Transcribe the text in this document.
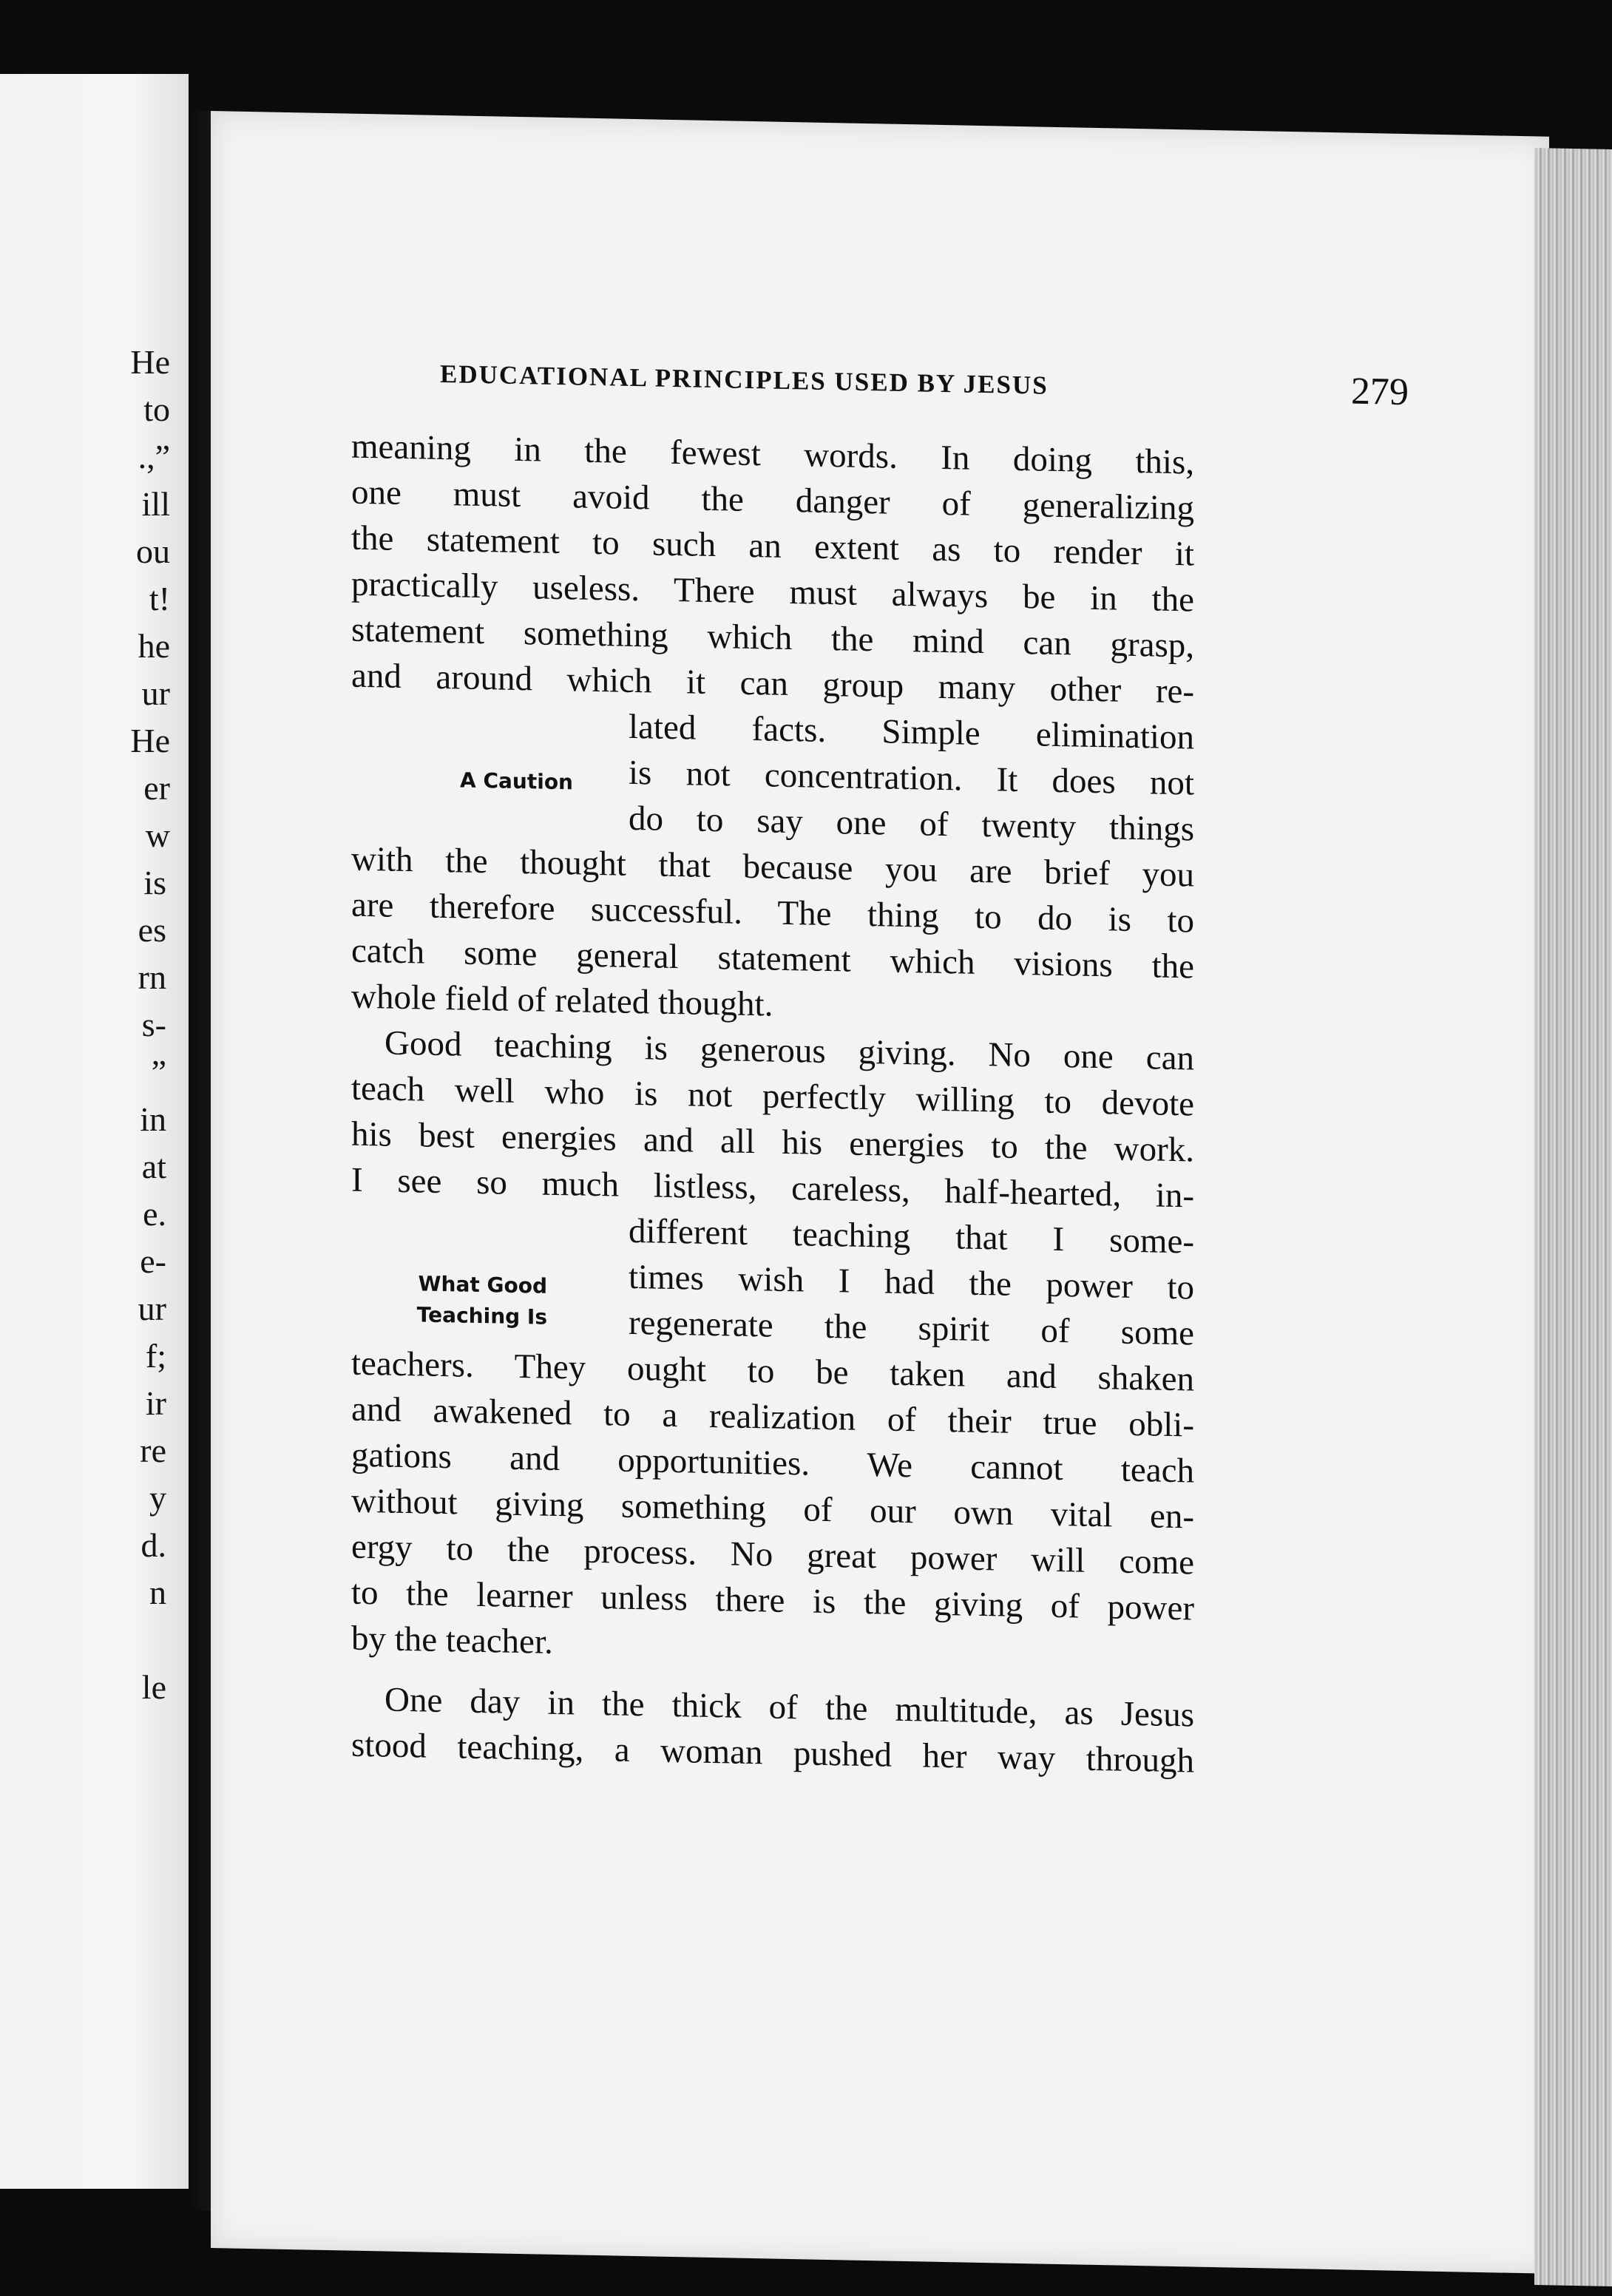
He
to
.,”
ill
ou
t!
he
ur
He
er
w
is
es
rn
s-
”
in
at
e.
e-
ur
f;
ir
re
y
d.
n
le
EDUCATIONAL PRINCIPLES USED BY JESUS	279
meaning in the fewest words. In doing this,
one must avoid the danger of generalizing
the statement to such an extent as to render it
practically useless. There must always be in the
statement something which the mind can grasp,
and around which it can group many other re-
lated facts. Simple elimination
is not concentration. It does not
do to say one of twenty things
with the thought that because you are brief you
are therefore successful. The thing to do is to
catch some general statement which visions the
whole field of related thought.
Good teaching is generous giving. No one can
teach well who is not perfectly willing to devote
his best energies and all his energies to the work.
I see so much listless, careless, half-hearted, in-
different teaching that I some-
times wish I had the power to
regenerate the spirit of some
teachers. They ought to be taken and shaken
and awakened to a realization of their true obli-
gations and opportunities. We cannot teach
without giving something of our own vital en-
ergy to the process. No great power will come
to the learner unless there is the giving of power
by the teacher.
One day in the thick of the multitude, as Jesus
stood teaching, a woman pushed her way through
A Caution
What Good
Teaching Is
